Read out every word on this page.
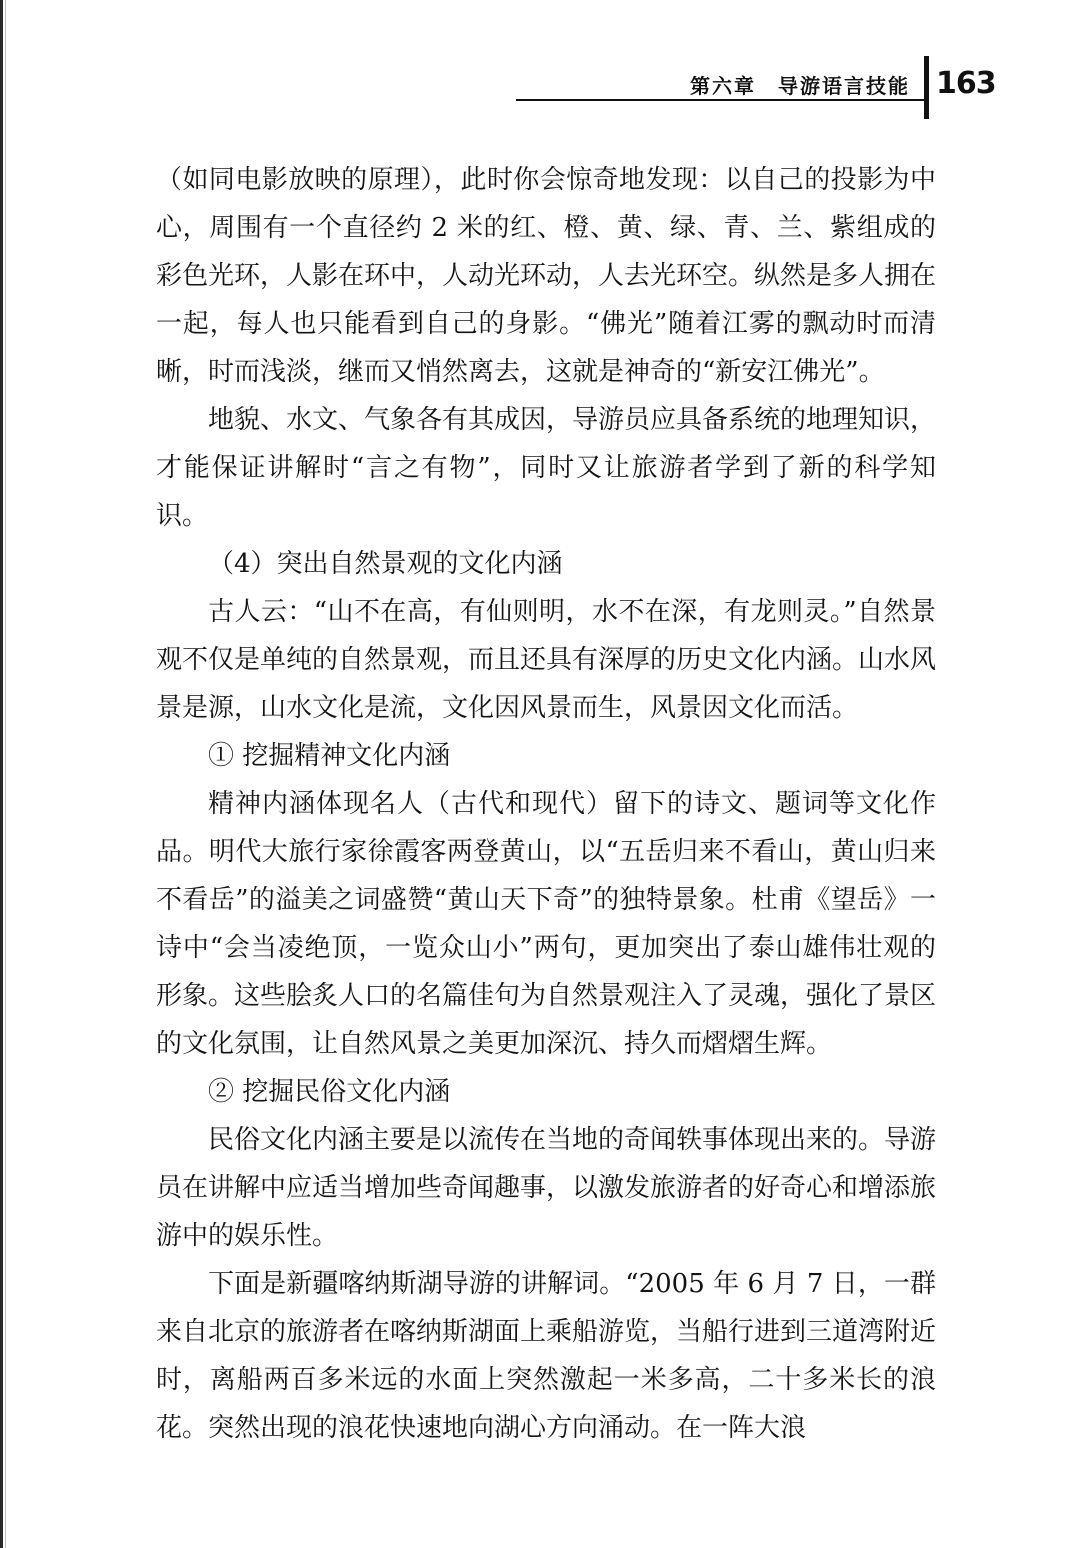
第六章　导游语言技能 163

（如同电影放映的原理），此时你会惊奇地发现：以自己的投影为中心，周围有一个直径约 2 米的红、橙、黄、绿、青、兰、紫组成的彩色光环，人影在环中，人动光环动，人去光环空。纵然是多人拥在一起，每人也只能看到自己的身影。“佛光”随着江雾的飘动时而清晰，时而浅淡，继而又悄然离去，这就是神奇的“新安江佛光”。

地貌、水文、气象各有其成因，导游员应具备系统的地理知识，才能保证讲解时“言之有物”，同时又让旅游者学到了新的科学知识。

（4）突出自然景观的文化内涵

古人云：“山不在高，有仙则明，水不在深，有龙则灵。”自然景观不仅是单纯的自然景观，而且还具有深厚的历史文化内涵。山水风景是源，山水文化是流，文化因风景而生，风景因文化而活。

① 挖掘精神文化内涵

精神内涵体现名人（古代和现代）留下的诗文、题词等文化作品。明代大旅行家徐霞客两登黄山，以“五岳归来不看山，黄山归来不看岳”的溢美之词盛赞“黄山天下奇”的独特景象。杜甫《望岳》一诗中“会当凌绝顶，一览众山小”两句，更加突出了泰山雄伟壮观的形象。这些脍炙人口的名篇佳句为自然景观注入了灵魂，强化了景区的文化氛围，让自然风景之美更加深沉、持久而熠熠生辉。

② 挖掘民俗文化内涵

民俗文化内涵主要是以流传在当地的奇闻轶事体现出来的。导游员在讲解中应适当增加些奇闻趣事，以激发旅游者的好奇心和增添旅游中的娱乐性。

下面是新疆喀纳斯湖导游的讲解词。“2005 年 6 月 7 日，一群来自北京的旅游者在喀纳斯湖面上乘船游览，当船行进到三道湾附近时，离船两百多米远的水面上突然激起一米多高，二十多米长的浪花。突然出现的浪花快速地向湖心方向涌动。在一阵大浪
